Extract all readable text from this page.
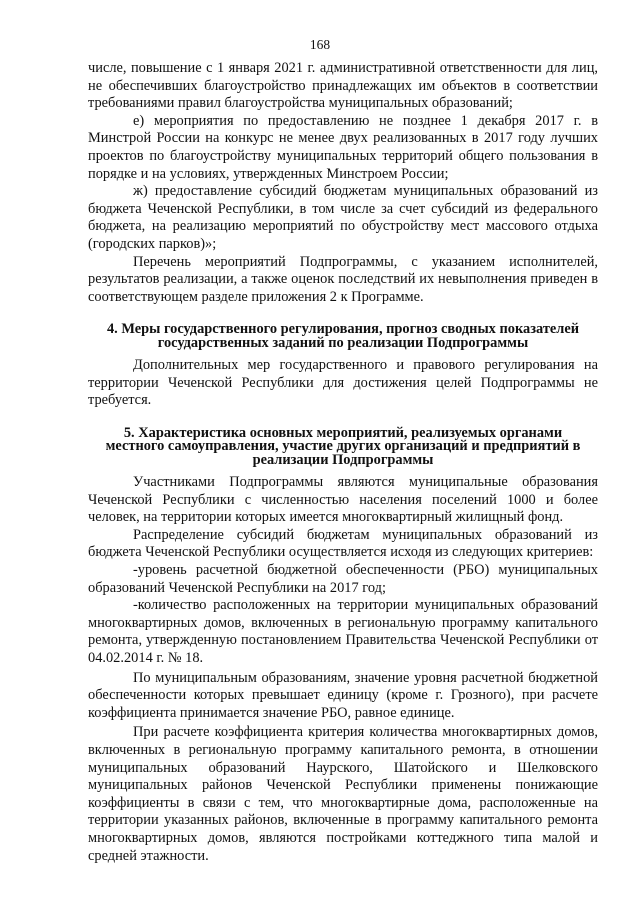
168

числе, повышение с 1 января 2021 г. административной ответственности для лиц, не обеспечивших благоустройство принадлежащих им объектов в соответствии требованиями правил благоустройства муниципальных образований;

е) мероприятия по предоставлению не позднее 1 декабря 2017 г. в Минстрой России на конкурс не менее двух реализованных в 2017 году лучших проектов по благоустройству муниципальных территорий общего пользования в порядке и на условиях, утвержденных Минстроем России;

ж) предоставление субсидий бюджетам муниципальных образований из бюджета Чеченской Республики, в том числе за счет субсидий из федерального бюджета, на реализацию мероприятий по обустройству мест массового отдыха (городских парков)»;

Перечень мероприятий Подпрограммы, с указанием исполнителей, результатов реализации, а также оценок последствий их невыполнения приведен в соответствующем разделе приложения 2 к Программе.

4. Меры государственного регулирования, прогноз сводных показателей государственных заданий по реализации Подпрограммы

Дополнительных мер государственного и правового регулирования на территории Чеченской Республики для достижения целей Подпрограммы не требуется.

5. Характеристика основных мероприятий, реализуемых органами местного самоуправления, участие других организаций и предприятий в реализации Подпрограммы

Участниками Подпрограммы являются муниципальные образования Чеченской Республики с численностью населения поселений 1000 и более человек, на территории которых имеется многоквартирный жилищный фонд.

Распределение субсидий бюджетам муниципальных образований из бюджета Чеченской Республики осуществляется исходя из следующих критериев:

-уровень расчетной бюджетной обеспеченности (РБО) муниципальных образований Чеченской Республики на 2017 год;

-количество расположенных на территории муниципальных образований многоквартирных домов, включенных в региональную программу капитального ремонта, утвержденную постановлением Правительства Чеченской Республики от 04.02.2014 г. № 18.

По муниципальным образованиям, значение уровня расчетной бюджетной обеспеченности которых превышает единицу (кроме г. Грозного), при расчете коэффициента принимается значение РБО, равное единице.

При расчете коэффициента критерия количества многоквартирных домов, включенных в региональную программу капитального ремонта, в отношении муниципальных образований Наурского, Шатойского и Шелковского муниципальных районов Чеченской Республики применены понижающие коэффициенты в связи с тем, что многоквартирные дома, расположенные на территории указанных районов, включенные в программу капитального ремонта многоквартирных домов, являются постройками коттеджного типа малой и средней этажности.
